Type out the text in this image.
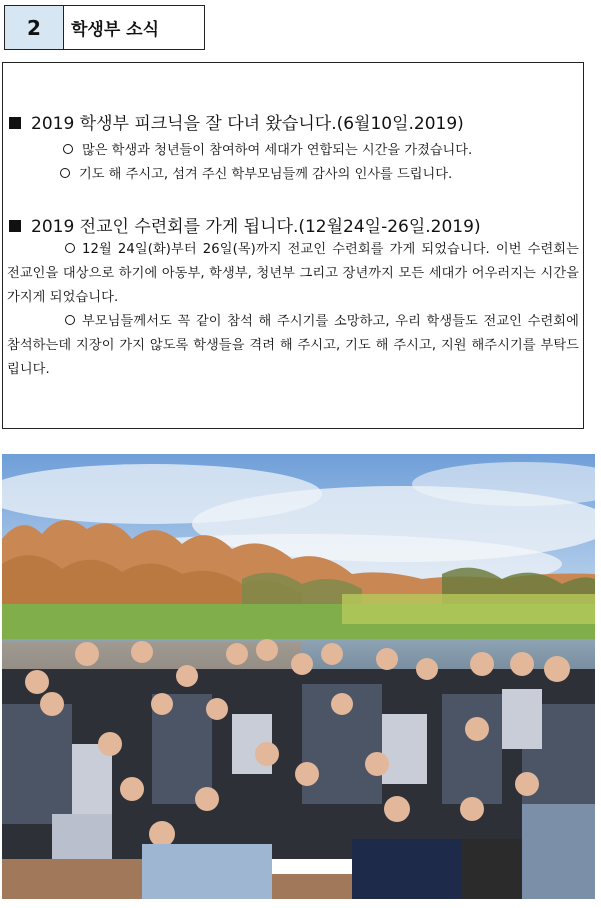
2	학생부 소식
2019 학생부 피크닉을 잘 다녀 왔습니다.(6월10일.2019)
많은 학생과 청년들이 참여하여 세대가 연합되는 시간을 가졌습니다.
기도 해 주시고, 섬겨 주신 학부모님들께 감사의 인사를 드립니다.
2019 전교인 수련회를 가게 됩니다.(12월24일-26일.2019)
12월 24일(화)부터 26일(목)까지 전교인 수련회를 가게 되었습니다. 이번 수련회는 전교인을 대상으로 하기에 아동부, 학생부, 청년부 그리고 장년까지 모든 세대가 어우러지는 시간을 가지게 되었습니다.
부모님들께서도 꼭 같이 참석 해 주시기를 소망하고, 우리 학생들도 전교인 수련회에 참석하는데 지장이 가지 않도록 학생들을 격려 해 주시고, 기도 해 주시고, 지원 해주시기를 부탁드립니다.
